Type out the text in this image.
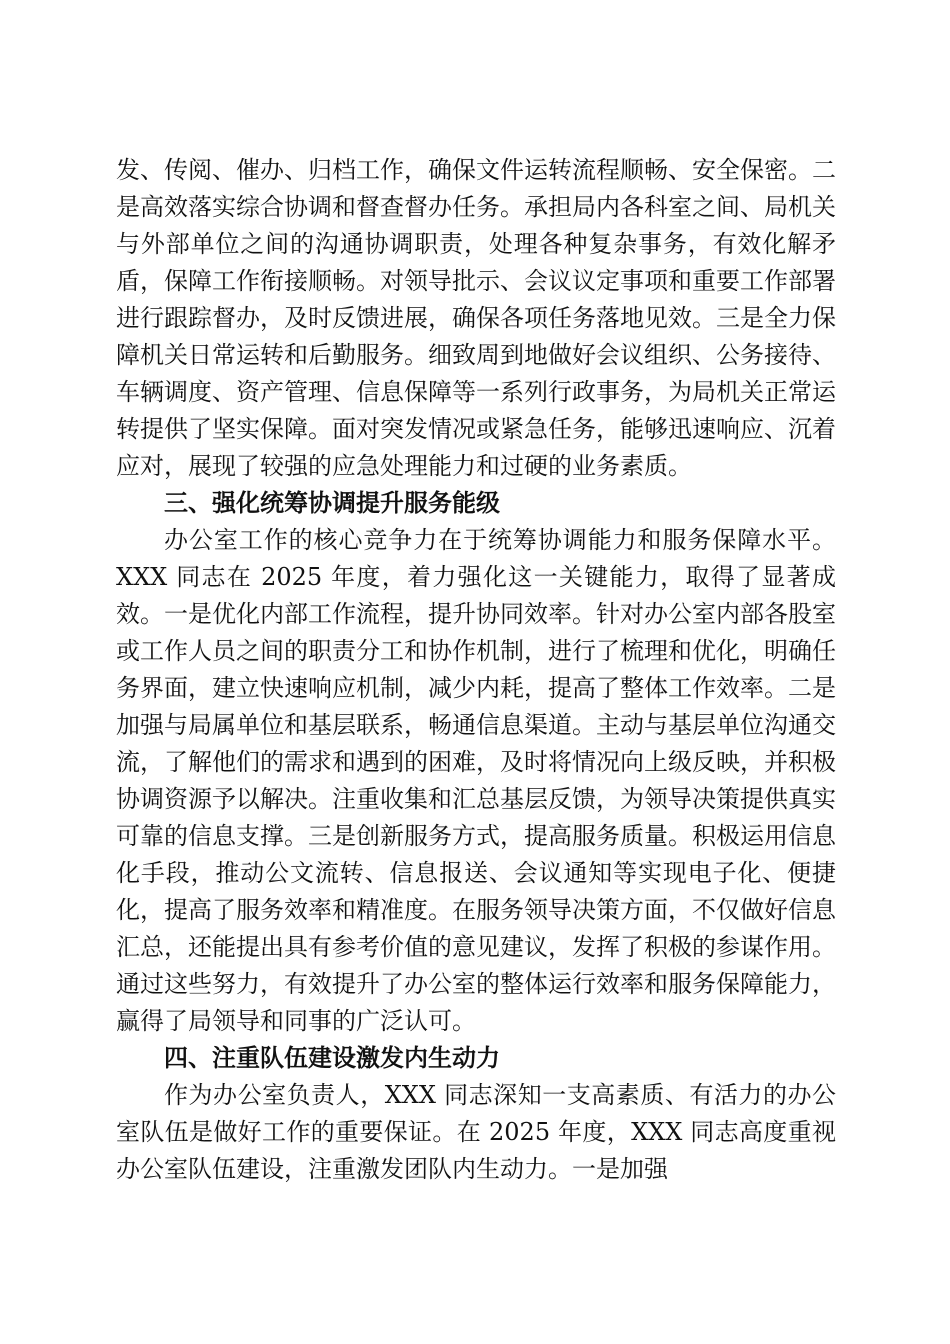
发、传阅、催办、归档工作，确保文件运转流程顺畅、安全保密。二是高效落实综合协调和督查督办任务。承担局内各科室之间、局机关与外部单位之间的沟通协调职责，处理各种复杂事务，有效化解矛盾，保障工作衔接顺畅。对领导批示、会议议定事项和重要工作部署进行跟踪督办，及时反馈进展，确保各项任务落地见效。三是全力保障机关日常运转和后勤服务。细致周到地做好会议组织、公务接待、车辆调度、资产管理、信息保障等一系列行政事务，为局机关正常运转提供了坚实保障。面对突发情况或紧急任务，能够迅速响应、沉着应对，展现了较强的应急处理能力和过硬的业务素质。

三、强化统筹协调提升服务能级

办公室工作的核心竞争力在于统筹协调能力和服务保障水平。XXX 同志在 2025 年度，着力强化这一关键能力，取得了显著成效。一是优化内部工作流程，提升协同效率。针对办公室内部各股室或工作人员之间的职责分工和协作机制，进行了梳理和优化，明确任务界面，建立快速响应机制，减少内耗，提高了整体工作效率。二是加强与局属单位和基层联系，畅通信息渠道。主动与基层单位沟通交流，了解他们的需求和遇到的困难，及时将情况向上级反映，并积极协调资源予以解决。注重收集和汇总基层反馈，为领导决策提供真实可靠的信息支撑。三是创新服务方式，提高服务质量。积极运用信息化手段，推动公文流转、信息报送、会议通知等实现电子化、便捷化，提高了服务效率和精准度。在服务领导决策方面，不仅做好信息汇总，还能提出具有参考价值的意见建议，发挥了积极的参谋作用。通过这些努力，有效提升了办公室的整体运行效率和服务保障能力，赢得了局领导和同事的广泛认可。

四、注重队伍建设激发内生动力

作为办公室负责人，XXX 同志深知一支高素质、有活力的办公室队伍是做好工作的重要保证。在 2025 年度，XXX 同志高度重视办公室队伍建设，注重激发团队内生动力。一是加强
